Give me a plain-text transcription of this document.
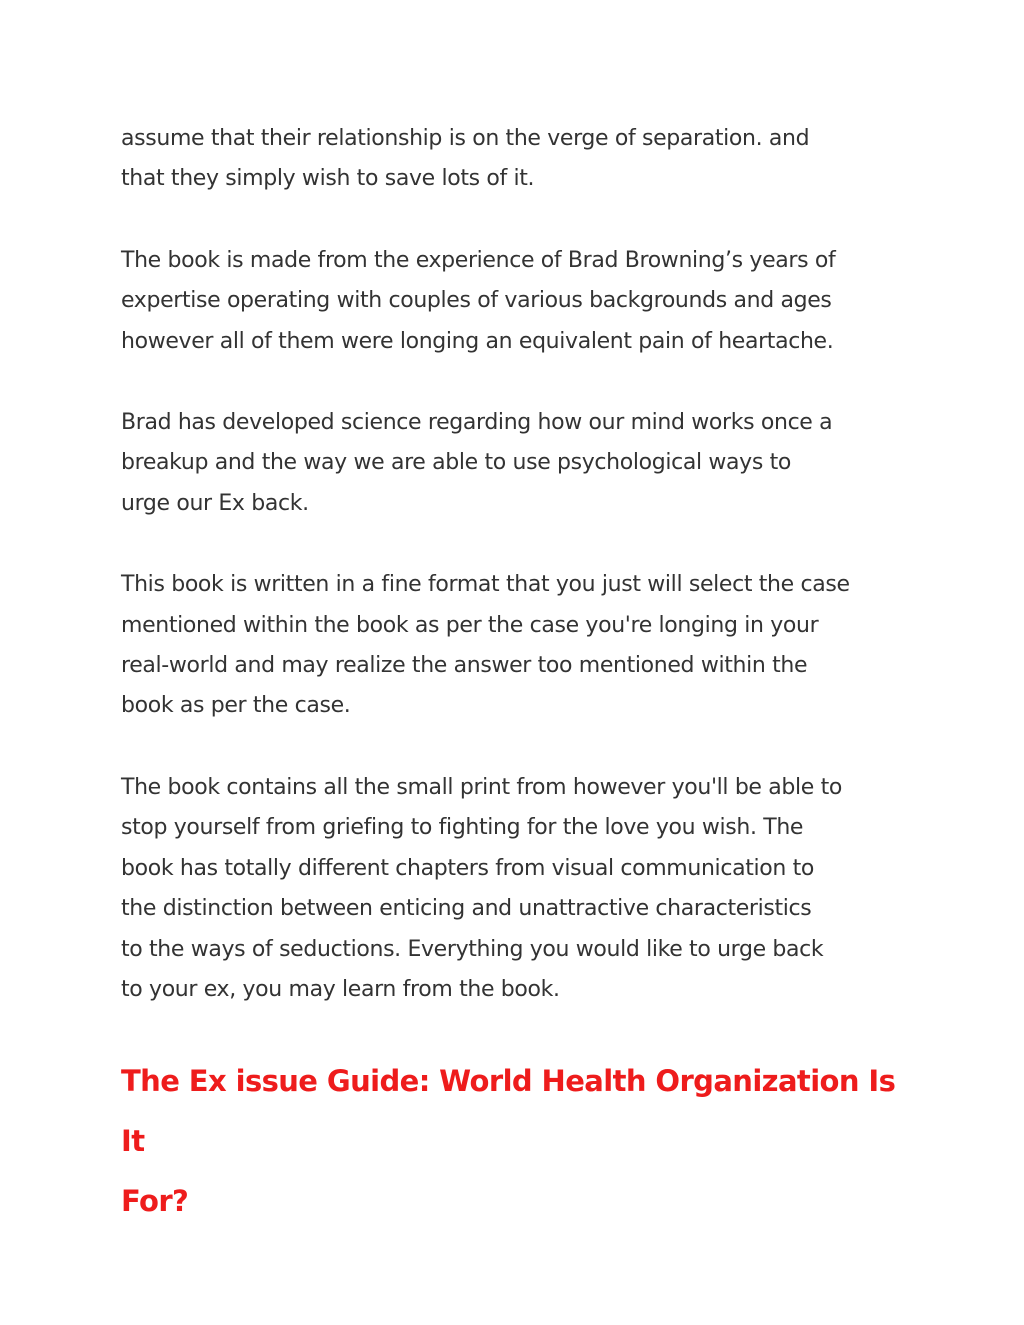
assume that their relationship is on the verge of separation. and
that they simply wish to save lots of it.

The book is made from the experience of Brad Browning’s years of
expertise operating with couples of various backgrounds and ages
however all of them were longing an equivalent pain of heartache.

Brad has developed science regarding how our mind works once a
breakup and the way we are able to use psychological ways to
urge our Ex back.

This book is written in a fine format that you just will select the case
mentioned within the book as per the case you're longing in your
real-world and may realize the answer too mentioned within the
book as per the case.

The book contains all the small print from however you'll be able to
stop yourself from griefing to fighting for the love you wish. The
book has totally different chapters from visual communication to
the distinction between enticing and unattractive characteristics
to the ways of seductions. Everything you would like to urge back
to your ex, you may learn from the book.

The Ex issue Guide: World Health Organization Is It
For?
